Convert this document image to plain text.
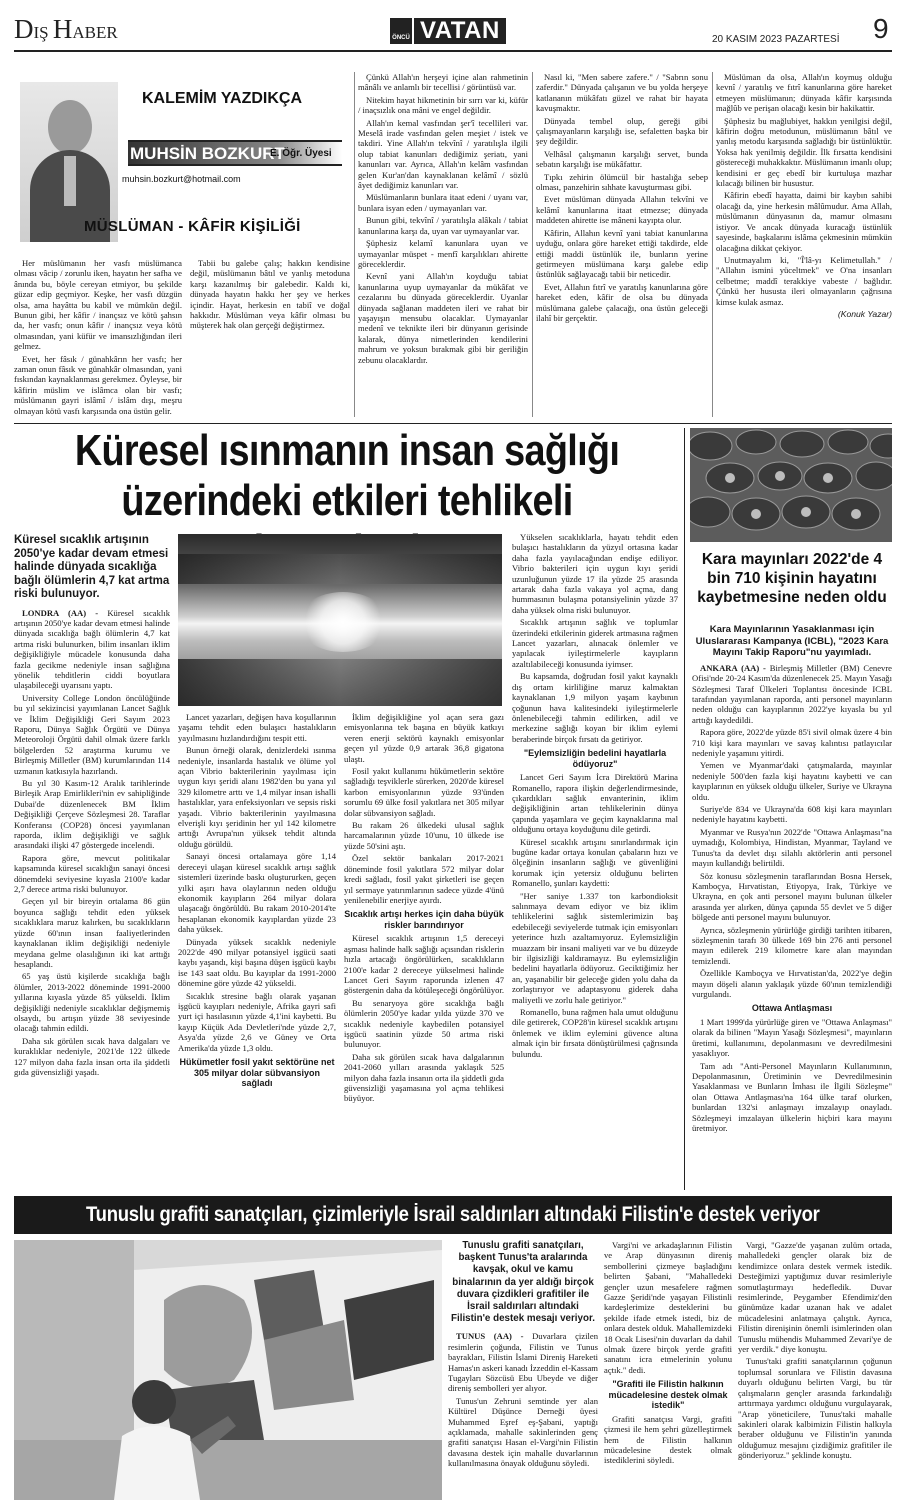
DIŞ HABER	ÖNCÜ VATAN	20 KASIM 2023 PAZARTESİ 9
KALEMİM YAZDIKÇA
MUHSİN BOZKURT
E. Öğr. Üyesi
muhsin.bozkurt@hotmail.com
MÜSLÜMAN - KÂFİR KİŞİLİĞİ

Her müslümanın her vasfı müslümanca olması vâcip / zorunlu iken, hayatın her safha ve ânında bu, böyle cereyan etmiyor, bu şekilde güzar edip geçmiyor. Keşke, her vasfı düzgün olsa, ama hayâtta bu kabil ve mümkün değil. Bunun gibi, her kâfir / inançsız ve kötü şahsın da, her vasfı; onun kâfir / inançsız veya kötü olmasından, yani küfür ve imansızlığından ileri gelmez.

Evet, her fâsık / günahkârın her vasfı; her zaman onun fâsık ve günahkâr olmasından, yani fıskından kaynaklanması gerekmez. Öyleyse, bir kâfirin müslim ve islâmca olan bir vasfı; müslümanın gayri islâmî / islâm dışı, meşru olmayan kötü vasfı karşısında ona üstün gelir.

Tabii bu galebe çalış; hakkın kendisine değil, müslümanın bâtıl ve yanlış metoduna karşı kazanılmış bir galebedir. Kaldı ki, dünyada hayatın hakkı her şey ve herkes içindir. Hayat, herkesin en tabiî ve doğal hakkıdır. Müslüman veya kâfir olması bu müşterek hak olan gerçeği değiştirmez.

Çünkü Allah'ın herşeyi içine alan rahmetinin mânâlı ve anlamlı bir tecellisi / görüntüsü var.

Nitekim hayat hikmetinin bir sırrı var ki, küfür / inaçsızlık ona mâni ve engel değildir.

Allah'ın kemal vasfından şer'î tecellileri var. Meselâ irade vasfından gelen meşiet / istek ve takdiri. Yine Allah'ın tekvînî / yaratılışla ilgili olup tabiat kanunları dediğimiz şeriatı, yani kanunları var. Ayrıca, Allah'ın kelâm vasfından gelen Kur'an'dan kaynaklanan kelâmî / sözlü âyet dediğimiz kanunları var.

Müslümanların bunlara itaat edeni / uyanı var, bunlara isyan eden / uymayanları var.

Bunun gibi, tekvînî / yaratılışla alâkalı / tabiat kanunlarına karşı da, uyan var uymayanlar var.

Şüphesiz kelamî kanunlara uyan ve uymayanlar müspet - menfî karşılıkları ahirette göreceklerdir.

Kevnî yani Allah'ın koyduğu tabiat kanunlarına uyup uymayanlar da mükâfat ve cezalarını bu dünyada göreceklerdir. Uyanlar dünyada sağlanan maddeten ileri ve rahat bir yaşayışın mensubu olacaklar. Uymayanlar medenî ve teknikte ileri bir dünyanın gerisinde kalarak, dünya nimetlerinden kendilerini mahrum ve yoksun bırakmak gibi bir geriliğin zebunu olacaklardır.

Nasıl ki, "Men sabere zafere." / "Sabrın sonu zaferdir." Dünyada çalışanın ve bu yolda herşeye katlananın mükâfatı güzel ve rahat bir hayata kavuşmaktır.

Dünyada tembel olup, gereği gibi çalışmayanların karşılığı ise, sefaletten başka bir şey değildir.

Velhâsıl çalışmanın karşılığı servet, bunda sebatın karşılığı ise mükâfattır.

Tıpkı zehirin ölümcül bir hastalığa sebep olması, panzehirin sıhhate kavuşturması gibi.

Evet müslüman dünyada Allahın tekvîni ve kelâmî kanunlarına itaat etmezse; dünyada maddeten ahirette ise mâneni kayıpta olur.

Kâfirin, Allahın kevnî yani tabiat kanunlarına uyduğu, onlara göre hareket ettiği takdirde, elde ettiği maddi üstünlük ile, bunların yerine getirmeyen müslümana karşı galebe edip üstünlük sağlayacağı tabii bir neticedir.

Evet, Allahın fıtrî ve yaratılış kanunlarına göre hareket eden, kâfir de olsa bu dünyada müslümana galebe çalacağı, ona üstün geleceği ilahî bir gerçektir.

Müslüman da olsa, Allah'ın koymuş olduğu kevnî / yaratılış ve fıtrî kanunlarına göre hareket etmeyen müslümanın; dünyada kâfir karşısında mağlûb ve perişan olacağı kesin bir hakikattir.

Şüphesiz bu mağlubiyet, hakkın yenilgisi değil, kâfirin doğru metodunun, müslümanın bâtıl ve yanlış metodu karşısında sağladığı bir üstünlüktür. Yoksa hak yenilmiş değildir. İlk fırsatta kendisini göstereceği muhakkaktır. Müslümanın imanlı olup; kendisini er geç ebedî bir kurtuluşa mazhar kılacağı bilinen bir husustur.

Kâfirin ebedî hayatta, daimi bir kaybın sahibi olacağı da, yine herkesin mâlûmudur. Ama Allah, müslümanın dünyasının da, mamur olmasını istiyor. Ve ancak dünyada kuracağı üstünlük sayesinde, başkalarını islâma çekmesinin mümkün olacağına dikkat çekiyor.

Unutmayalım ki, "Î'lâ-yı Kelimetullah." / "Allahın ismini yüceltmek" ve O'na insanları celbetme; maddî terakkiye vabeste / bağlıdır. Çünkü her hususta ileri olmayanların çağrısına kimse kulak asmaz.

(Konuk Yazar)

Küresel ısınmanın insan sağlığı
üzerindeki etkileri tehlikeli
Küresel sıcaklık artışının 2050'ye kadar devam etmesi halinde dünyada sıcaklığa bağlı ölümlerin 4,7 kat artma riski bulunuyor.

LONDRA (AA) - Küresel sıcaklık artışının 2050'ye kadar devam etmesi halinde dünyada sıcaklığa bağlı ölümlerin 4,7 kat artma riski bulunurken, bilim insanları iklim değişikliğiyle mücadele konusunda daha fazla gecikme nedeniyle insan sağlığına yönelik tehditlerin ciddi boyutlara ulaşabileceği uyarısını yaptı.

University College London öncülüğünde bu yıl sekizincisi yayımlanan Lancet Sağlık ve İklim Değişikliği Geri Sayım 2023 Raporu, Dünya Sağlık Örgütü ve Dünya Meteoroloji Örgütü dahil olmak üzere farklı bölgelerden 52 araştırma kurumu ve Birleşmiş Milletler (BM) kurumlarından 114 uzmanın katkısıyla hazırlandı.

Bu yıl 30 Kasım-12 Aralık tarihlerinde Birleşik Arap Emirlikleri'nin ev sahipliğinde Dubai'de düzenlenecek BM İklim Değişikliği Çerçeve Sözleşmesi 28. Taraflar Konferansı (COP28) öncesi yayımlanan raporda, iklim değişikliği ve sağlık arasındaki ilişki 47 göstergede incelendi.

Rapora göre, mevcut politikalar kapsamında küresel sıcaklığın sanayi öncesi dönemdeki seviyesine kıyasla 2100'e kadar 2,7 derece artma riski bulunuyor.

Geçen yıl bir bireyin ortalama 86 gün boyunca sağlığı tehdit eden yüksek sıcaklıklara maruz kalırken, bu sıcaklıkların yüzde 60'ının insan faaliyetlerinden kaynaklanan iklim değişikliği nedeniyle meydana gelme olasılığının iki kat arttığı hesaplandı.

65 yaş üstü kişilerde sıcaklığa bağlı ölümler, 2013-2022 döneminde 1991-2000 yıllarına kıyasla yüzde 85 yükseldi. İklim değişikliği nedeniyle sıcaklıklar değişmemiş olsaydı, bu artışın yüzde 38 seviyesinde olacağı tahmin edildi.

Daha sık görülen sıcak hava dalgaları ve kuraklıklar nedeniyle, 2021'de 122 ülkede 127 milyon daha fazla insan orta ila şiddetli gıda güvensizliği yaşadı.

Lancet yazarları, değişen hava koşullarının yaşamı tehdit eden bulaşıcı hastalıkların yayılmasını hızlandırdığını tespit etti.

Bunun örneği olarak, denizlerdeki ısınma nedeniyle, insanlarda hastalık ve ölüme yol açan Vibrio bakterilerinin yayılması için uygun kıyı şeridi alanı 1982'den bu yana yıl 329 kilometre arttı ve 1,4 milyar insan ishalli hastalıklar, yara enfeksiyonları ve sepsis riski yaşadı. Vibrio bakterilerinin yayılmasına elverişli kıyı şeridinin her yıl 142 kilometre arttığı Avrupa'nın yüksek tehdit altında olduğu görüldü.

Sanayi öncesi ortalamaya göre 1,14 dereceyi ulaşan küresel sıcaklık artışı sağlık sistemleri üzerinde baskı oluştururken, geçen yılki aşırı hava olaylarının neden olduğu ekonomik kayıpların 264 milyar dolara ulaşacağı öngörüldü. Bu rakam 2010-2014'te hesaplanan ekonomik kayıplardan yüzde 23 daha yüksek.

Dünyada yüksek sıcaklık nedeniyle 2022'de 490 milyar potansiyel işgücü saati kaybı yaşandı, kişi başına düşen işgücü kaybı ise 143 saat oldu. Bu kayıplar da 1991-2000 dönemine göre yüzde 42 yükseldi.

Sıcaklık stresine bağlı olarak yaşanan işgücü kayıpları nedeniyle, Afrika gayri safi yurt içi hasılasının yüzde 4,1'ini kaybetti. Bu kayıp Küçük Ada Devletleri'nde yüzde 2,7, Asya'da yüzde 2,6 ve Güney ve Orta Amerika'da yüzde 1,3 oldu.

Hükümetler fosil yakıt sektörüne net 305 milyar dolar sübvansiyon sağladı

İklim değişikliğine yol açan sera gazı emisyonlarına tek başına en büyük katkıyı veren enerji sektörü kaynaklı emisyonlar geçen yıl yüzde 0,9 artarak 36,8 gigatona ulaştı.

Fosil yakıt kullanımı hükümetlerin sektöre sağladığı teşviklerle sürerken, 2020'de küresel karbon emisyonlarının yüzde 93'ünden sorumlu 69 ülke fosil yakıtlara net 305 milyar dolar sübvansiyon sağladı.

Bu rakam 26 ülkedeki ulusal sağlık harcamalarının yüzde 10'unu, 10 ülkede ise yüzde 50'sini aştı.

Özel sektör bankaları 2017-2021 döneminde fosil yakıtlara 572 milyar dolar kredi sağladı, fosil yakıt şirketleri ise geçen yıl sermaye yatırımlarının sadece yüzde 4'ünü yenilenebilir enerjiye ayırdı.

Sıcaklık artışı herkes için daha büyük riskler barındırıyor

Küresel sıcaklık artışının 1,5 dereceyi aşması halinde halk sağlığı açısından risklerin hızla artacağı öngörülürken, sıcaklıkların 2100'e kadar 2 dereceye yükselmesi halinde Lancet Geri Sayım raporunda izlenen 47 göstergenin daha da kötüleşeceği öngörülüyor.

Bu senaryoya göre sıcaklığa bağlı ölümlerin 2050'ye kadar yılda yüzde 370 ve sıcaklık nedeniyle kaybedilen potansiyel işgücü saatinin yüzde 50 artma riski bulunuyor.

Daha sık görülen sıcak hava dalgalarının 2041-2060 yılları arasında yaklaşık 525 milyon daha fazla insanın orta ila şiddetli gıda güvensizliği yaşamasına yol açma tehlikesi büyüyor.

Yükselen sıcaklıklarla, hayatı tehdit eden bulaşıcı hastalıkların da yüzyıl ortasına kadar daha fazla yayılacağından endişe ediliyor. Vibrio bakterileri için uygun kıyı şeridi uzunluğunun yüzde 17 ila yüzde 25 arasında artarak daha fazla vakaya yol açma, dang hummasının bulaşma potansiyelinin yüzde 37 daha yüksek olma riski bulunuyor.

Sıcaklık artışının sağlık ve toplumlar üzerindeki etkilerinin giderek artmasına rağmen Lancet yazarları, alınacak önlemler ve yapılacak iyileştirmelerle kayıpların azaltılabileceği konusunda iyimser.

Bu kapsamda, doğrudan fosil yakıt kaynaklı dış ortam kirliliğine maruz kalmaktan kaynaklanan 1,9 milyon yaşam kaybının çoğunun hava kalitesindeki iyileştirmelerle önlenebileceği tahmin edilirken, adil ve merkezine sağlığı koyan bir iklim eylemi beraberinde birçok fırsatı da getiriyor.

"Eylemsizliğin bedelini hayatlarla ödüyoruz"

Lancet Geri Sayım İcra Direktörü Marina Romanello, rapora ilişkin değerlendirmesinde, çıkardıkları sağlık envanterinin, iklim değişikliğinin artan tehlikelerinin dünya çapında yaşamlara ve geçim kaynaklarına mal olduğunu ortaya koyduğunu dile getirdi.

Küresel sıcaklık artışını sınırlandırmak için bugüne kadar ortaya konulan çabaların hızı ve ölçeğinin insanların sağlığı ve güvenliğini korumak için yetersiz olduğunu belirten Romanello, şunları kaydetti:

"Her saniye 1.337 ton karbondioksit salınmaya devam ediyor ve biz iklim tehlikelerini sağlık sistemlerimizin baş edebileceği seviyelerde tutmak için emisyonları yeterince hızlı azaltamıyoruz. Eylemsizliğin muazzam bir insani maliyeti var ve bu düzeyde bir ilgisizliği kaldıramayız. Bu eylemsizliğin bedelini hayatlarla ödüyoruz. Geciktiğimiz her an, yaşanabilir bir geleceğe giden yolu daha da zorlaştırıyor ve adaptasyonu giderek daha maliyetli ve zorlu hale getiriyor."

Romanello, buna rağmen hala umut olduğunu dile getirerek, COP28'in küresel sıcaklık artışını önlemek ve iklim eylemini güvence altına almak için bir fırsata dönüştürülmesi çağrısında bulundu.

Kara mayınları 2022'de 4 bin 710 kişinin hayatını kaybetmesine neden oldu
Kara Mayınlarının Yasaklanması için Uluslararası Kampanya (ICBL), "2023 Kara Mayını Takip Raporu"nu yayımladı.

ANKARA (AA) - Birleşmiş Milletler (BM) Cenevre Ofisi'nde 20-24 Kasım'da düzenlenecek 25. Mayın Yasağı Sözleşmesi Taraf Ülkeleri Toplantısı öncesinde ICBL tarafından yayımlanan raporda, anti personel mayınların neden olduğu can kayıplarının 2022'ye kıyasla bu yıl arttığı kaydedildi.

Rapora göre, 2022'de yüzde 85'i sivil olmak üzere 4 bin 710 kişi kara mayınları ve savaş kalıntısı patlayıcılar nedeniyle yaşamını yitirdi.

Yemen ve Myanmar'daki çatışmalarda, mayınlar nedeniyle 500'den fazla kişi hayatını kaybetti ve can kayıplarının en yüksek olduğu ülkeler, Suriye ve Ukrayna oldu.

Suriye'de 834 ve Ukrayna'da 608 kişi kara mayınları nedeniyle hayatını kaybetti.

Myanmar ve Rusya'nın 2022'de "Ottawa Anlaşması"na uymadığı, Kolombiya, Hindistan, Myanmar, Tayland ve Tunus'ta da devlet dışı silahlı aktörlerin anti personel mayın kullandığı belirtildi.

Söz konusu sözleşmenin taraflarından Bosna Hersek, Kamboçya, Hırvatistan, Etiyopya, Irak, Türkiye ve Ukrayna, en çok anti personel mayını bulunan ülkeler arasında yer alırken, dünya çapında 55 devlet ve 5 diğer bölgede anti personel mayını bulunuyor.

Ayrıca, sözleşmenin yürürlüğe girdiği tarihten itibaren, sözleşmenin tarafı 30 ülkede 169 bin 276 anti personel mayın edilerek 219 kilometre kare alan mayından temizlendi.

Özellikle Kamboçya ve Hırvatistan'da, 2022'ye değin mayın döşeli alanın yaklaşık yüzde 60'ının temizlendiği vurgulandı.

Ottawa Antlaşması

1 Mart 1999'da yürürlüğe giren ve "Ottawa Anlaşması" olarak da bilinen "Mayın Yasağı Sözleşmesi", mayınların üretimi, kullanımını, depolanmasını ve devredilmesini yasaklıyor.

Tam adı "Anti-Personel Mayınların Kullanımının, Depolanmasının, Üretiminin ve Devredilmesinin Yasaklanması ve Bunların İmhası ile İlgili Sözleşme" olan Ottawa Antlaşması'na 164 ülke taraf olurken, bunlardan 132'si anlaşmayı imzalayıp onayladı. Sözleşmeyi imzalayan ülkelerin hiçbiri kara mayını üretmiyor.

Tunuslu grafiti sanatçıları, çizimleriyle İsrail saldırıları altındaki Filistin'e destek veriyor
Tunuslu grafiti sanatçıları, başkent Tunus'ta aralarında kavşak, okul ve kamu binalarının da yer aldığı birçok duvara çizdikleri grafitiler ile İsrail saldırıları altındaki Filistin'e destek mesajı veriyor.

TUNUS (AA) - Duvarlara çizilen resimlerin çoğunda, Filistin ve Tunus bayrakları, Filistin İslami Direniş Hareketi Hamas'ın askeri kanadı İzzeddin el-Kassam Tugayları Sözcüsü Ebu Ubeyde ve diğer direniş sembolleri yer alıyor.

Tunus'un Zehruni semtinde yer alan Kültürel Düşünce Derneği üyesi Muhammed Eşref eş-Şabani, yaptığı açıklamada, mahalle sakinlerinden genç grafiti sanatçısı Hasan el-Vargi'nin Filistin davasına destek için mahalle duvarlarının kullanılmasına önayak olduğunu söyledi.

Vargi'ni ve arkadaşlarının Filistin ve Arap dünyasının direniş sembollerini çizmeye başladığını belirten Şabani, "Mahalledeki gençler uzun mesafelere rağmen Gazze Şeridi'nde yaşayan Filistinli kardeşlerimize desteklerini bu şekilde ifade etmek istedi, biz de onlara destek olduk. Mahallemizdeki 18 Ocak Lisesi'nin duvarları da dahil olmak üzere birçok yerde grafiti sanatını icra etmelerinin yolunu açtık." dedi.

"Grafiti ile Filistin halkının mücadelesine destek olmak istedik"

Grafiti sanatçısı Vargi, grafiti çizmesi ile hem şehri güzelleştirmek hem de Filistin halkının mücadelesine destek olmak istediklerini söyledi.

Vargi, "Gazze'de yaşanan zulüm ortada, mahalledeki gençler olarak biz de kendimizce onlara destek vermek istedik. Desteğimizi yaptığımız duvar resimleriyle somutlaştırmayı hedefledik. Duvar resimlerinde, Peygamber Efendimiz'den günümüze kadar uzanan hak ve adalet mücadelesini anlatmaya çalıştık. Ayrıca, Filistin direnişinin önemli isimlerinden olan Tunuslu mühendis Muhammed Zevari'ye de yer verdik." diye konuştu.

Tunus'taki grafiti sanatçılarının çoğunun toplumsal sorunlara ve Filistin davasına duyarlı olduğunu belirten Vargi, bu tür çalışmaların gençler arasında farkındalığı arttırmaya yardımcı olduğunu vurgulayarak, "Arap yöneticilere, Tunus'taki mahalle sakinleri olarak kalbimizin Filistin halkıyla beraber olduğunu ve Filistin'in yanında olduğumuz mesajını çizdiğimiz grafitiler ile gönderiyoruz." şeklinde konuştu.
